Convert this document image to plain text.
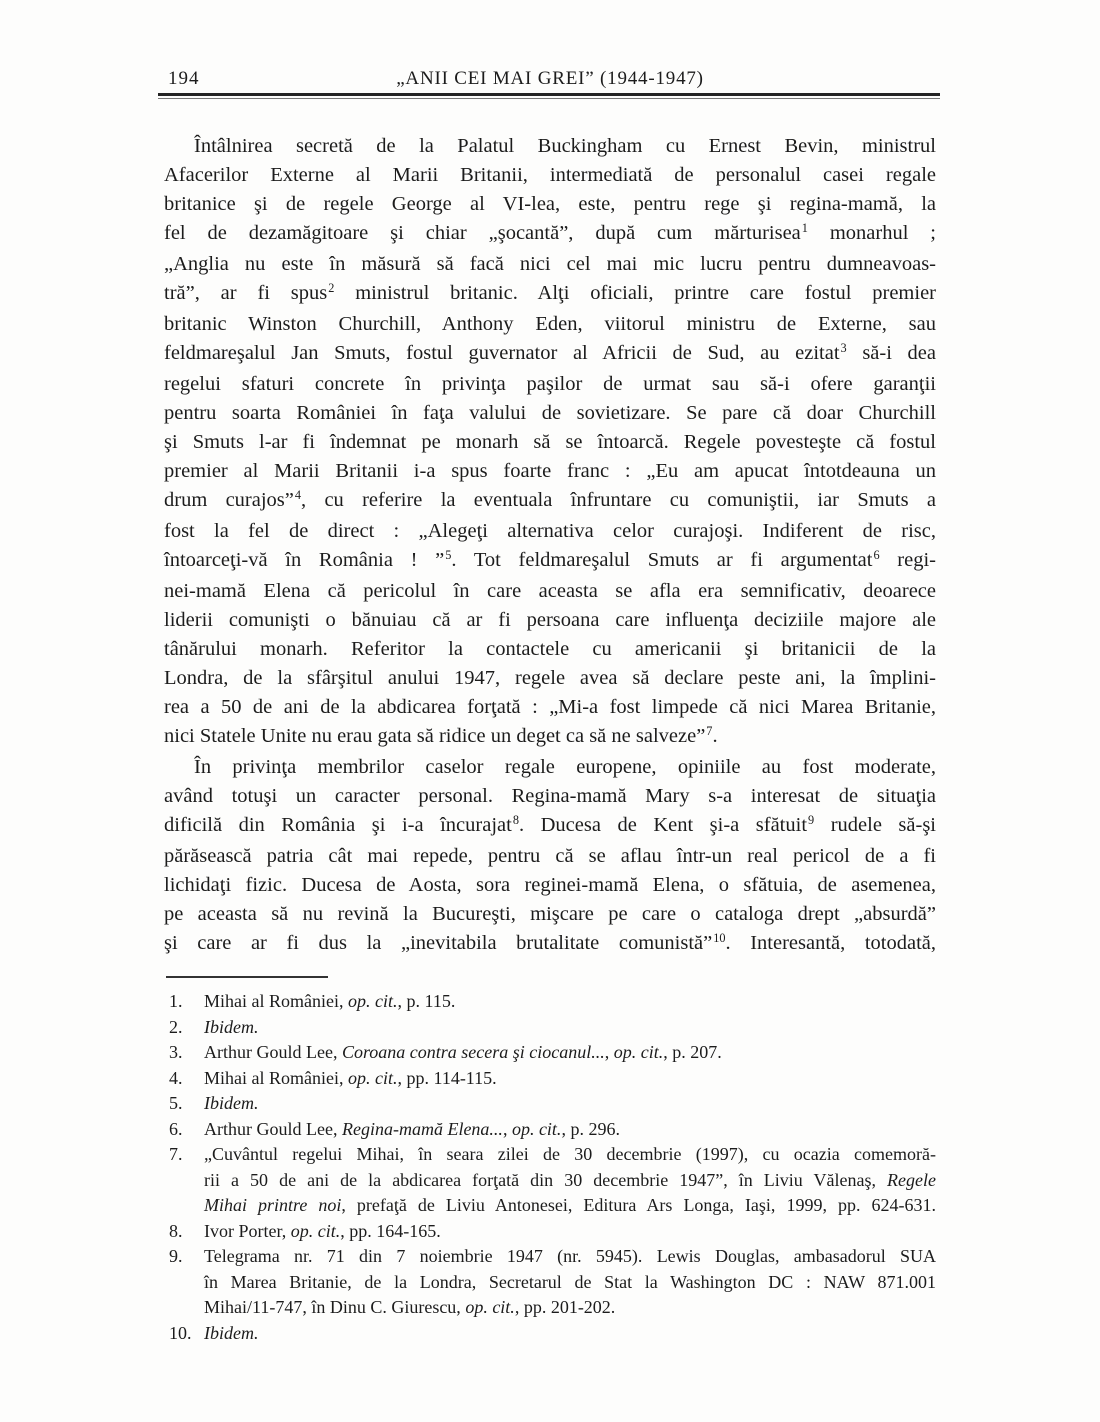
194	„ANII CEI MAI GREI” (1944-1947)
Întâlnirea secretă de la Palatul Buckingham cu Ernest Bevin, ministrul
Afacerilor Externe al Marii Britanii, intermediată de personalul casei regale
britanice şi de regele George al VI-lea, este, pentru rege şi regina-mamă, la
fel de dezamăgitoare şi chiar „şocantă”, după cum mărturisea$^1$ monarhul ;
„Anglia nu este în măsură să facă nici cel mai mic lucru pentru dumneavoas-
tră”, ar fi spus$^2$ ministrul britanic. Alţi oficiali, printre care fostul premier
britanic Winston Churchill, Anthony Eden, viitorul ministru de Externe, sau
feldmareşalul Jan Smuts, fostul guvernator al Africii de Sud, au ezitat$^3$ să-i dea
regelui sfaturi concrete în privinţa paşilor de urmat sau să-i ofere garanţii
pentru soarta României în faţa valului de sovietizare. Se pare că doar Churchill
şi Smuts l-ar fi îndemnat pe monarh să se întoarcă. Regele povesteşte că fostul
premier al Marii Britanii i-a spus foarte franc : „Eu am apucat întotdeauna un
drum curajos”$^4$, cu referire la eventuala înfruntare cu comuniştii, iar Smuts a
fost la fel de direct : „Alegeţi alternativa celor curajoşi. Indiferent de risc,
întoarceţi-vă în România ! ”$^5$. Tot feldmareşalul Smuts ar fi argumentat$^6$ regi-
nei-mamă Elena că pericolul în care aceasta se afla era semnificativ, deoarece
liderii comunişti o bănuiau că ar fi persoana care influenţa deciziile majore ale
tânărului monarh. Referitor la contactele cu americanii şi britanicii de la
Londra, de la sfârşitul anului 1947, regele avea să declare peste ani, la împlini-
rea a 50 de ani de la abdicarea forţată : „Mi-a fost limpede că nici Marea Britanie,
nici Statele Unite nu erau gata să ridice un deget ca să ne salveze”$^7$.
În privinţa membrilor caselor regale europene, opiniile au fost moderate,
având totuşi un caracter personal. Regina-mamă Mary s-a interesat de situaţia
dificilă din România şi i-a încurajat$^8$. Ducesa de Kent şi-a sfătuit$^9$ rudele să-şi
părăsească patria cât mai repede, pentru că se aflau într-un real pericol de a fi
lichidaţi fizic. Ducesa de Aosta, sora reginei-mamă Elena, o sfătuia, de asemenea,
pe aceasta să nu revină la Bucureşti, mişcare pe care o cataloga drept „absurdă”
şi care ar fi dus la „inevitabila brutalitate comunistă”$^{10}$. Interesantă, totodată,
1. Mihai al României, op. cit., p. 115.
2. Ibidem.
3. Arthur Gould Lee, Coroana contra secera şi ciocanul..., op. cit., p. 207.
4. Mihai al României, op. cit., pp. 114-115.
5. Ibidem.
6. Arthur Gould Lee, Regina-mamă Elena..., op. cit., p. 296.
7. „Cuvântul regelui Mihai, în seara zilei de 30 decembrie (1997), cu ocazia comemoră-
rii a 50 de ani de la abdicarea forţată din 30 decembrie 1947”, în Liviu Vălenaş, Regele
Mihai printre noi, prefaţă de Liviu Antonesei, Editura Ars Longa, Iaşi, 1999, pp. 624-631.
8. Ivor Porter, op. cit., pp. 164-165.
9. Telegrama nr. 71 din 7 noiembrie 1947 (nr. 5945). Lewis Douglas, ambasadorul SUA
în Marea Britanie, de la Londra, Secretarul de Stat la Washington DC : NAW 871.001
Mihai/11-747, în Dinu C. Giurescu, op. cit., pp. 201-202.
10. Ibidem.
